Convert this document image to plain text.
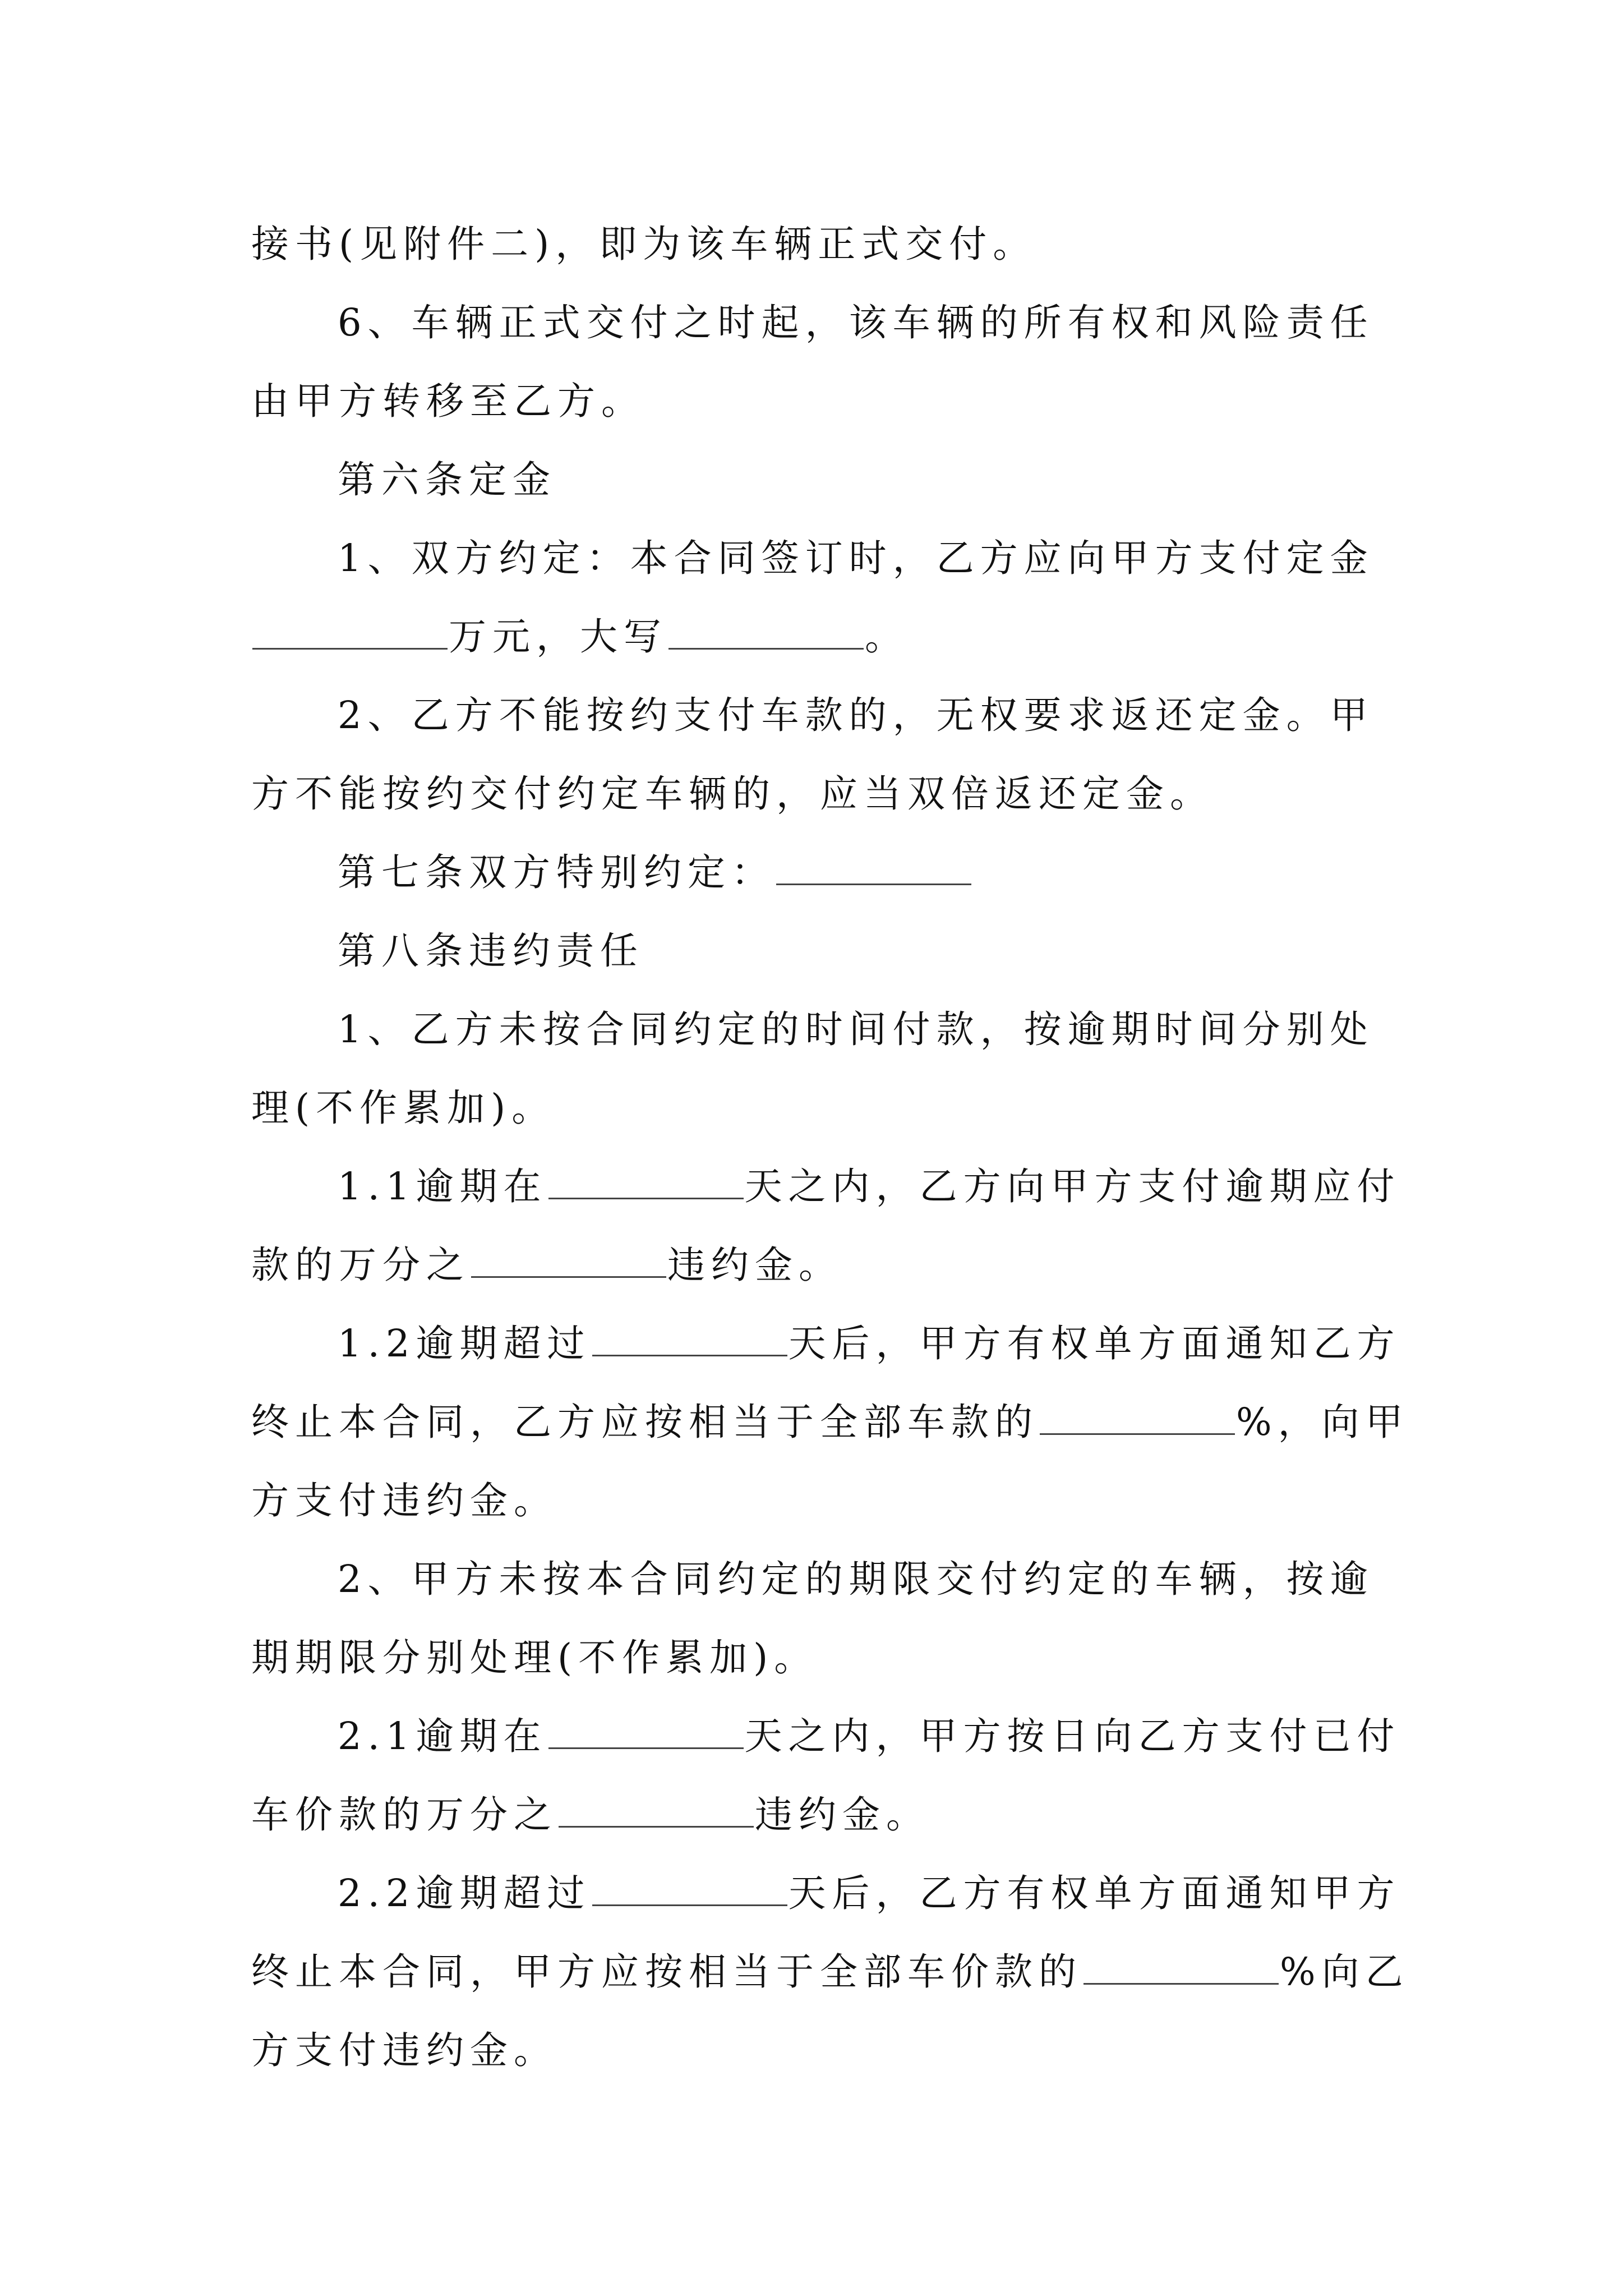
接书(见附件二)，即为该车辆正式交付。

6、车辆正式交付之时起，该车辆的所有权和风险责任

由甲方转移至乙方。

第六条定金

1、双方约定：本合同签订时，乙方应向甲方支付定金

万元，大写	。

2、乙方不能按约支付车款的，无权要求返还定金。甲

方不能按约交付约定车辆的，应当双倍返还定金。

第七条双方特别约定：

第八条违约责任

1、乙方未按合同约定的时间付款，按逾期时间分别处

理(不作累加)。

1.1逾期在	天之内，乙方向甲方支付逾期应付

款的万分之	违约金。

1.2逾期超过	天后，甲方有权单方面通知乙方

终止本合同，乙方应按相当于全部车款的	%，向甲

方支付违约金。

2、甲方未按本合同约定的期限交付约定的车辆，按逾

期期限分别处理(不作累加)。

2.1逾期在	天之内，甲方按日向乙方支付已付

车价款的万分之	违约金。

2.2逾期超过	天后，乙方有权单方面通知甲方

终止本合同，甲方应按相当于全部车价款的	%向乙

方支付违约金。
